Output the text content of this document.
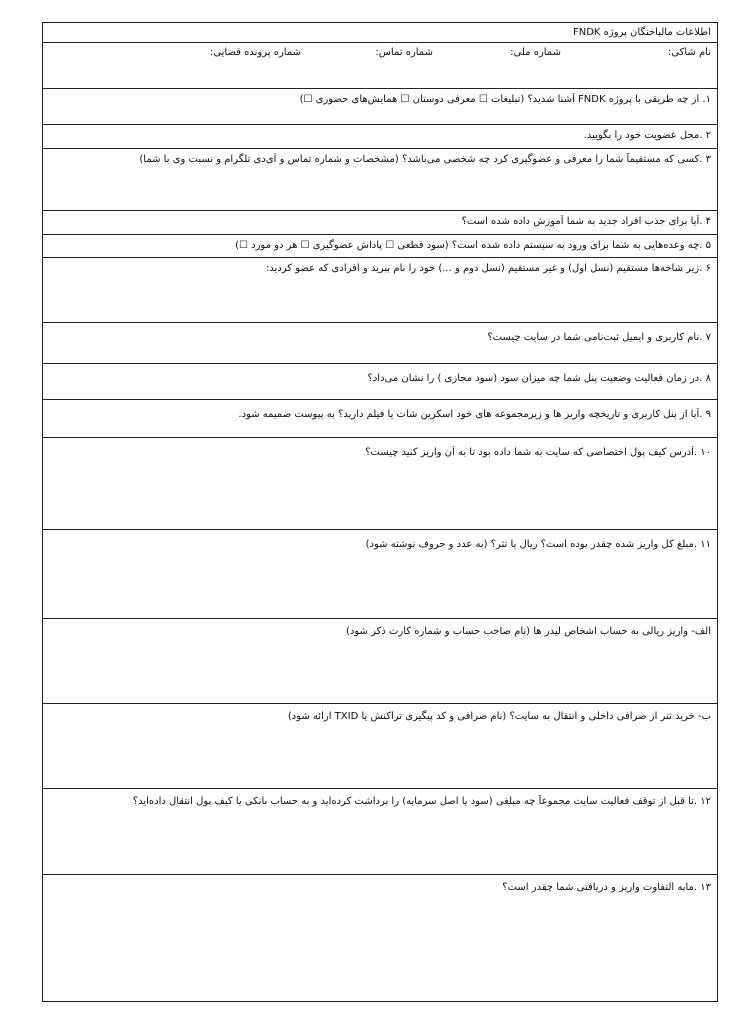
اطلاعات مالباختگان پروژه FNDK
نام شاکی:
شماره ملی:
شماره تماس:
شماره پرونده قضایی:
۱. از چه طریقی با پروژه FNDK آشنا شدید؟ (تبلیغات ☐ معرفی دوستان ☐ همایش‌های حضوری ☐)
۲ .محل عضویت خود را بگویید.
۳ .کسی که مستقیماً شما را معرفی و عضوگیری کرد چه شخصی می‌باشد؟ (مشخصات و شماره تماس و آی‌دی تلگرام و نسبت وی با شما)
۴ .آیا برای جذب افراد جدید به شما آموزش داده شده است؟
۵ .چه وعده‌هایی به شما برای ورود به سیستم داده شده است؟ (سود قطعی ☐ پاداش عضوگیری ☐ هر دو مورد ☐)
۶ .زیر شاخه‌ها مستقیم (نسل اول) و غیر مستقیم (نسل دوم و ...) خود را نام ببرید و افرادی که عضو کردید:
۷ .نام کاربری و ایمیل ثبت‌نامی شما در سایت چیست؟
۸ .در زمان فعالیت وضعیت پنل شما چه میزان سود (سود مجازی ) را نشان می‌داد؟
۹ .آیا از پنل کاربری و تاریخچه واریز ها و زیرمجموعه های خود اسکرین شات یا فیلم دارید؟ به پیوست ضمیمه شود.
۱۰ .آدرس کیف پول اختصاصی که سایت به شما داده بود تا به آن واریز کنید چیست؟
۱۱ .مبلغ کل واریز شده چقدر بوده است؟ ریال یا تتر؟ (به عدد و حروف نوشته شود)
الف- واریز ریالی به حساب اشخاص لیدر ها (نام صاحب حساب و شماره کارت ذکر شود)
ب- خرید تتر از صرافی داخلی و انتقال به سایت؟ (نام صرافی و کد پیگیری تراکنش یا TXID ارائه شود)
۱۲ .تا قبل از توقف فعالیت سایت مجموعاً چه مبلغی (سود یا اصل سرمایه) را برداشت کرده‌اید و به حساب بانکی یا کیف پول انتقال داده‌اید؟
۱۳ .مابه التفاوت واریز و دریافتی شما چقدر است؟
